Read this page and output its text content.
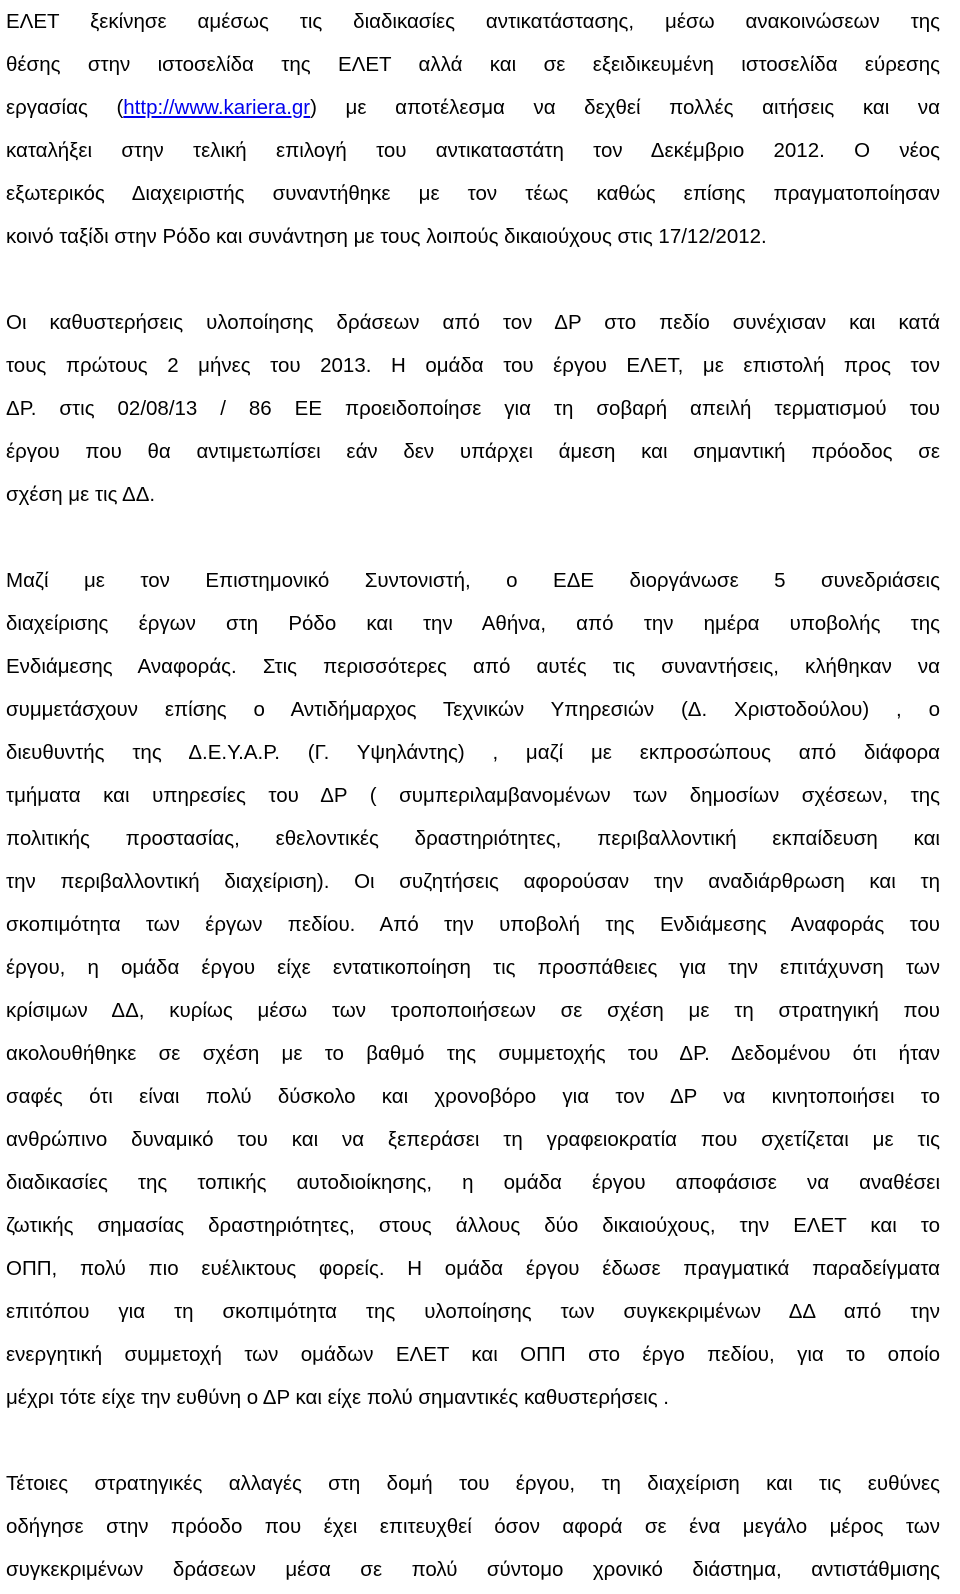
ΕΛΕΤ ξεκίνησε αμέσως τις διαδικασίες αντικατάστασης, μέσω ανακοινώσεων της
θέσης στην ιστοσελίδα της ΕΛΕΤ αλλά και σε εξειδικευμένη ιστοσελίδα εύρεσης
εργασίας (http://www.kariera.gr) με αποτέλεσμα να δεχθεί πολλές αιτήσεις και να
καταλήξει στην τελική επιλογή του αντικαταστάτη τον Δεκέμβριο 2012. Ο νέος
εξωτερικός Διαχειριστής συναντήθηκε με τον τέως καθώς επίσης πραγματοποίησαν
κοινό ταξίδι στην Ρόδο και συνάντηση με τους λοιπούς δικαιούχους στις 17/12/2012.
Οι καθυστερήσεις υλοποίησης δράσεων από τον ΔΡ στο πεδίο συνέχισαν και κατά
τους πρώτους 2 μήνες του 2013. Η ομάδα του έργου ΕΛΕΤ, με επιστολή προς τον
ΔΡ. στις 02/08/13 / 86 ΕΕ προειδοποίησε για τη σοβαρή απειλή τερματισμού του
έργου που θα αντιμετωπίσει εάν δεν υπάρχει άμεση και σημαντική πρόοδος σε
σχέση με τις ΔΔ.
Μαζί με τον Επιστημονικό Συντονιστή, ο ΕΔΕ διοργάνωσε 5 συνεδριάσεις
διαχείρισης έργων στη Ρόδο και την Αθήνα, από την ημέρα υποβολής της
Ενδιάμεσης Αναφοράς. Στις περισσότερες από αυτές τις συναντήσεις, κλήθηκαν να
συμμετάσχουν επίσης ο Αντιδήμαρχος Τεχνικών Υπηρεσιών (Δ. Χριστοδούλου) , ο
διευθυντής της Δ.Ε.Υ.Α.Ρ. (Γ. Υψηλάντης) , μαζί με εκπροσώπους από διάφορα
τμήματα και υπηρεσίες του ΔΡ ( συμπεριλαμβανομένων των δημοσίων σχέσεων, της
πολιτικής προστασίας, εθελοντικές δραστηριότητες, περιβαλλοντική εκπαίδευση και
την περιβαλλοντική διαχείριση). Οι συζητήσεις αφορούσαν την αναδιάρθρωση και τη
σκοπιμότητα των έργων πεδίου. Από την υποβολή της Ενδιάμεσης Αναφοράς του
έργου, η ομάδα έργου είχε εντατικοποίηση τις προσπάθειες για την επιτάχυνση των
κρίσιμων ΔΔ, κυρίως μέσω των τροποποιήσεων σε σχέση με τη στρατηγική που
ακολουθήθηκε σε σχέση με το βαθμό της συμμετοχής του ΔΡ. Δεδομένου ότι ήταν
σαφές ότι είναι πολύ δύσκολο και χρονοβόρο για τον ΔΡ να κινητοποιήσει το
ανθρώπινο δυναμικό του και να ξεπεράσει τη γραφειοκρατία που σχετίζεται με τις
διαδικασίες της τοπικής αυτοδιοίκησης, η ομάδα έργου αποφάσισε να αναθέσει
ζωτικής σημασίας δραστηριότητες, στους άλλους δύο δικαιούχους, την ΕΛΕΤ και το
ΟΠΠ, πολύ πιο ευέλικτους φορείς. Η ομάδα έργου έδωσε πραγματικά παραδείγματα
επιτόπου για τη σκοπιμότητα της υλοποίησης των συγκεκριμένων ΔΔ από την
ενεργητική συμμετοχή των ομάδων ΕΛΕΤ και ΟΠΠ στο έργο πεδίου, για το οποίο
μέχρι τότε είχε την ευθύνη ο ΔΡ και είχε πολύ σημαντικές καθυστερήσεις .
Τέτοιες στρατηγικές αλλαγές στη δομή του έργου, τη διαχείριση και τις ευθύνες
οδήγησε στην πρόοδο που έχει επιτευχθεί όσον αφορά σε ένα μεγάλο μέρος των
συγκεκριμένων δράσεων μέσα σε πολύ σύντομο χρονικό διάστημα, αντιστάθμισης
